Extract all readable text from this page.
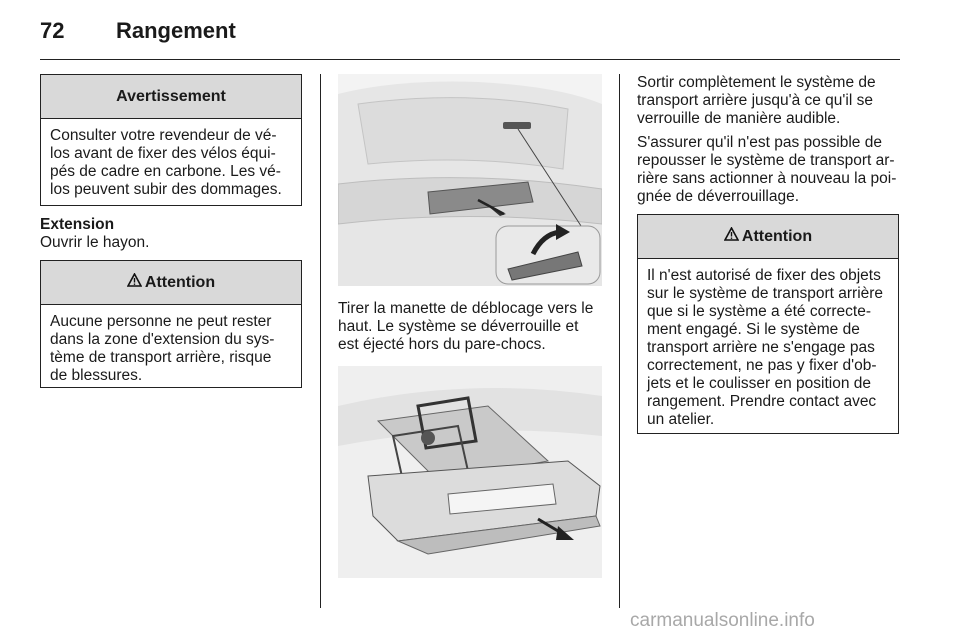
72 Rangement
Avertissement
Consulter votre revendeur de vé-los avant de fixer des vélos équi-pés de cadre en carbone. Les vé-los peuvent subir des dommages.

Extension

Ouvrir le hayon.

Attention
Aucune personne ne peut rester dans la zone d'extension du sys-tème de transport arrière, risque de blessures.

Tirer la manette de déblocage vers le haut. Le système se déverrouille et est éjecté hors du pare-chocs.

Sortir complètement le système de transport arrière jusqu'à ce qu'il se verrouille de manière audible.

S'assurer qu'il n'est pas possible de repousser le système de transport ar-rière sans actionner à nouveau la poi-gnée de déverrouillage.

Attention
Il n'est autorisé de fixer des objets sur le système de transport arrière que si le système a été correcte-ment engagé. Si le système de transport arrière ne s'engage pas correctement, ne pas y fixer d'ob-jets et le coulisser en position de rangement. Prendre contact avec un atelier.
carmanualsonline.info
